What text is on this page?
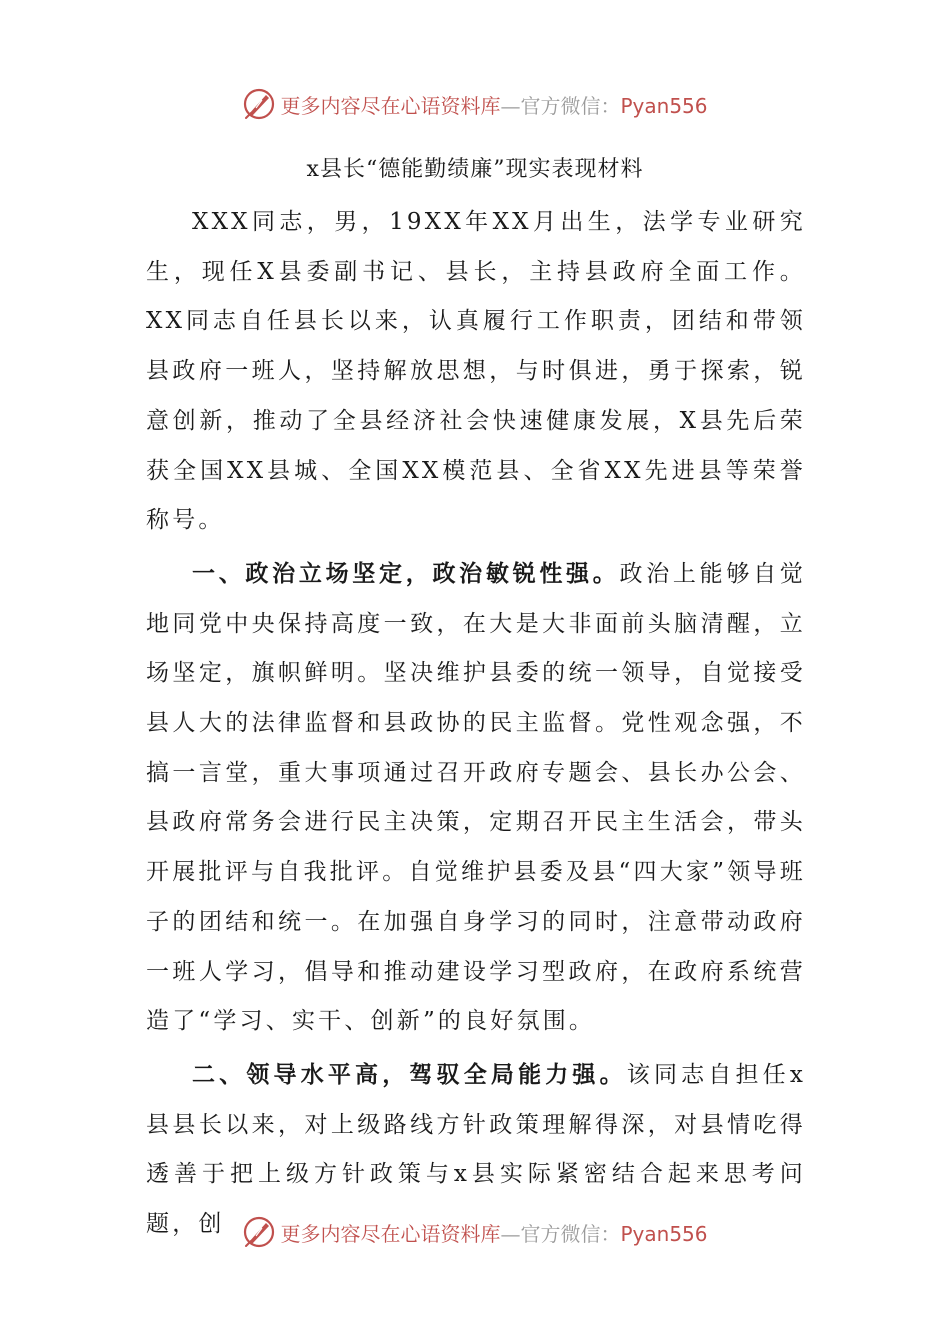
更多内容尽在心语资料库—官方微信：Pyan556
x县长“德能勤绩廉”现实表现材料

XXX同志，男，19XX年XX月出生，法学专业研究生，现任X县委副书记、县长，主持县政府全面工作。XX同志自任县长以来，认真履行工作职责，团结和带领县政府一班人，坚持解放思想，与时俱进，勇于探索，锐意创新，推动了全县经济社会快速健康发展，X县先后荣获全国XX县城、全国XX模范县、全省XX先进县等荣誉称号。

一、政治立场坚定，政治敏锐性强。政治上能够自觉地同党中央保持高度一致，在大是大非面前头脑清醒，立场坚定，旗帜鲜明。坚决维护县委的统一领导，自觉接受县人大的法律监督和县政协的民主监督。党性观念强，不搞一言堂，重大事项通过召开政府专题会、县长办公会、县政府常务会进行民主决策，定期召开民主生活会，带头开展批评与自我批评。自觉维护县委及县“四大家”领导班子的团结和统一。在加强自身学习的同时，注意带动政府一班人学习，倡导和推动建设学习型政府，在政府系统营造了“学习、实干、创新”的良好氛围。

二、领导水平高，驾驭全局能力强。该同志自担任x县县长以来，对上级路线方针政策理解得深，对县情吃得透善于把上级方针政策与x县实际紧密结合起来思考问题，创	更多内容尽在心语资料库—官方微信：Pyan556
